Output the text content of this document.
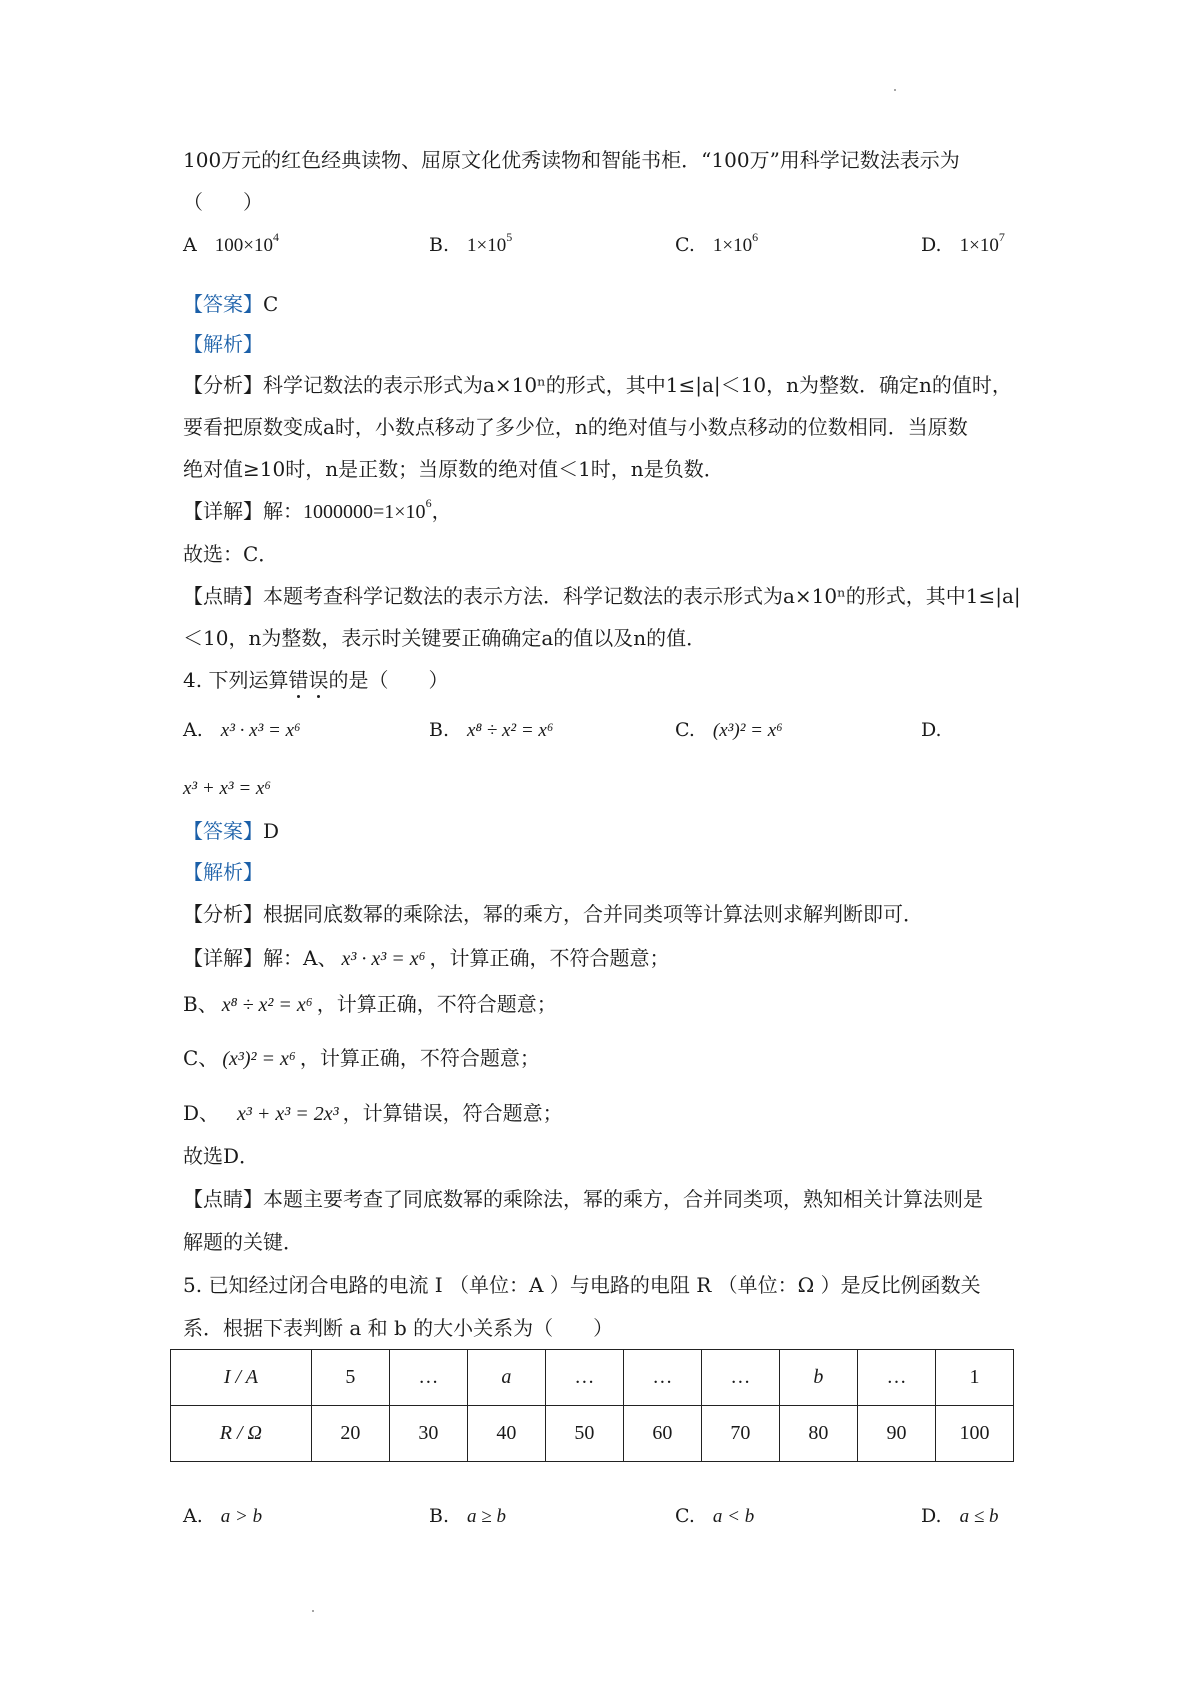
100万元的红色经典读物、屈原文化优秀读物和智能书柜．“100万”用科学记数法表示为
（　　）
A $100\times 10^4$	B. $1\times 10^5$	C. $1\times 10^6$	D. $1\times 10^7$
【答案】C
【解析】
【分析】科学记数法的表示形式为a×10ⁿ的形式，其中1≤|a|＜10，n为整数．确定n的值时，
要看把原数变成a时，小数点移动了多少位，n的绝对值与小数点移动的位数相同．当原数
绝对值≥10时，n是正数；当原数的绝对值＜1时，n是负数．
【详解】解：$1000000=1\times 10^6$，
故选：C．
【点睛】本题考查科学记数法的表示方法．科学记数法的表示形式为a×10ⁿ的形式，其中1≤|a|
＜10，n为整数，表示时关键要正确确定a的值以及n的值．
4. 下列运算错误的是（　　）
A. x³ · x³ = x⁶	B. x⁸ ÷ x² = x⁶	C. (x³)² = x⁶	D.
x³ + x³ = x⁶
【答案】D
【解析】
【分析】根据同底数幂的乘除法，幂的乘方，合并同类项等计算法则求解判断即可．
【详解】解：A、 x³ · x³ = x⁶ ，计算正确，不符合题意；
B、 x⁸ ÷ x² = x⁶ ，计算正确，不符合题意；
C、 (x³)² = x⁶ ，计算正确，不符合题意；
D、 x³ + x³ = 2x³ ，计算错误，符合题意；
故选D．
【点睛】本题主要考查了同底数幂的乘除法，幂的乘方，合并同类项，熟知相关计算法则是
解题的关键．
5. 已知经过闭合电路的电流 I （单位：A ）与电路的电阻 R （单位：Ω ）是反比例函数关
系．根据下表判断 a 和 b 的大小关系为（　　）
I / A	5	…	a	…	…	…	b	…	1
R / Ω	20	30	40	50	60	70	80	90	100
A. a > b	B. a ≥ b	C. a < b	D. a ≤ b
